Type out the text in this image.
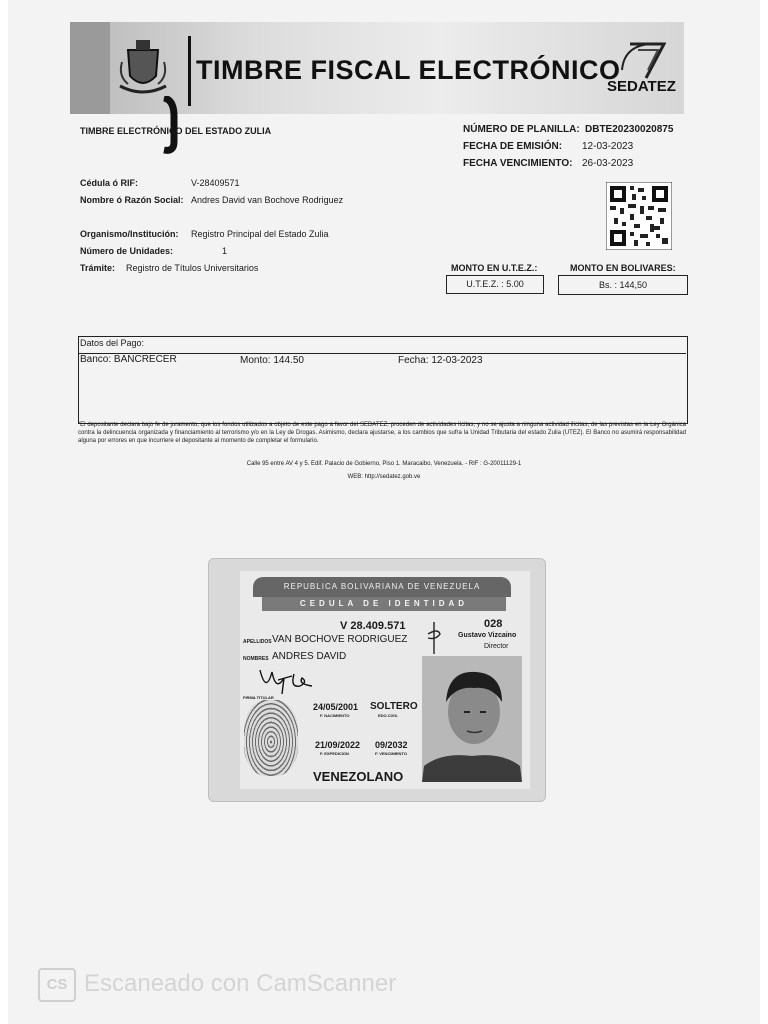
TIMBRE FISCAL ELECTRÓNICO
SEDATEZ
TIMBRE ELECTRÓNICO DEL ESTADO ZULIA
Cédula ó RIF:	V-28409571
Nombre ó Razón Social: Andres David van Bochove Rodriguez
Organismo/Institución: Registro Principal del Estado Zulia
Número de Unidades:	1
Trámite: Registro de Títulos Universitarios
NÚMERO DE PLANILLA: DBTE20230020875
FECHA DE EMISIÓN: 12-03-2023
FECHA VENCIMIENTO: 26-03-2023
MONTO EN U.T.E.Z.:
U.T.E.Z. : 5.00
MONTO EN BOLIVARES:
Bs. : 144,50
Datos del Pago:
Banco: BANCRECER	Monto: 144.50	Fecha: 12-03-2023
"El depositante declara bajo fe de juramento, que los fondos utilizados a objeto de este pago a favor del SEDATEZ, proceden de actividades lícitas, y no se ajusta a ninguna actividad ilícitas, de las previstas en la Ley Orgánica contra la delincuencia organizada y financiamiento al terrorismo y/o en la Ley de Drogas. Asimismo, declara ajustarse, a los cambios que sufra la Unidad Tributaria del estado Zulia (UTEZ). El Banco no asumirá responsabilidad alguna por errores en que incurriere el depositante al momento de completar el formulario.
Calle 95 entre AV 4 y 5. Edif. Palacio de Gobierno, Piso 1. Maracaibo, Venezuela. - RIF : G-20011129-1
WEB: http://sedatez.gob.ve
REPUBLICA BOLIVARIANA DE VENEZUELA
CEDULA DE IDENTIDAD
V 28.409.571	028
Gustavo Vizcaino
Director
APELLIDOS VAN BOCHOVE RODRIGUEZ
NOMBRES ANDRES DAVID
FIRMA TITULAR
24/05/2001
F. NACIMIENTO
SOLTERO
EDO.CIVIL
21/09/2022
F. EXPEDICION
09/2032
F. VENCIMIENTO
VENEZOLANO
CS Escaneado con CamScanner
